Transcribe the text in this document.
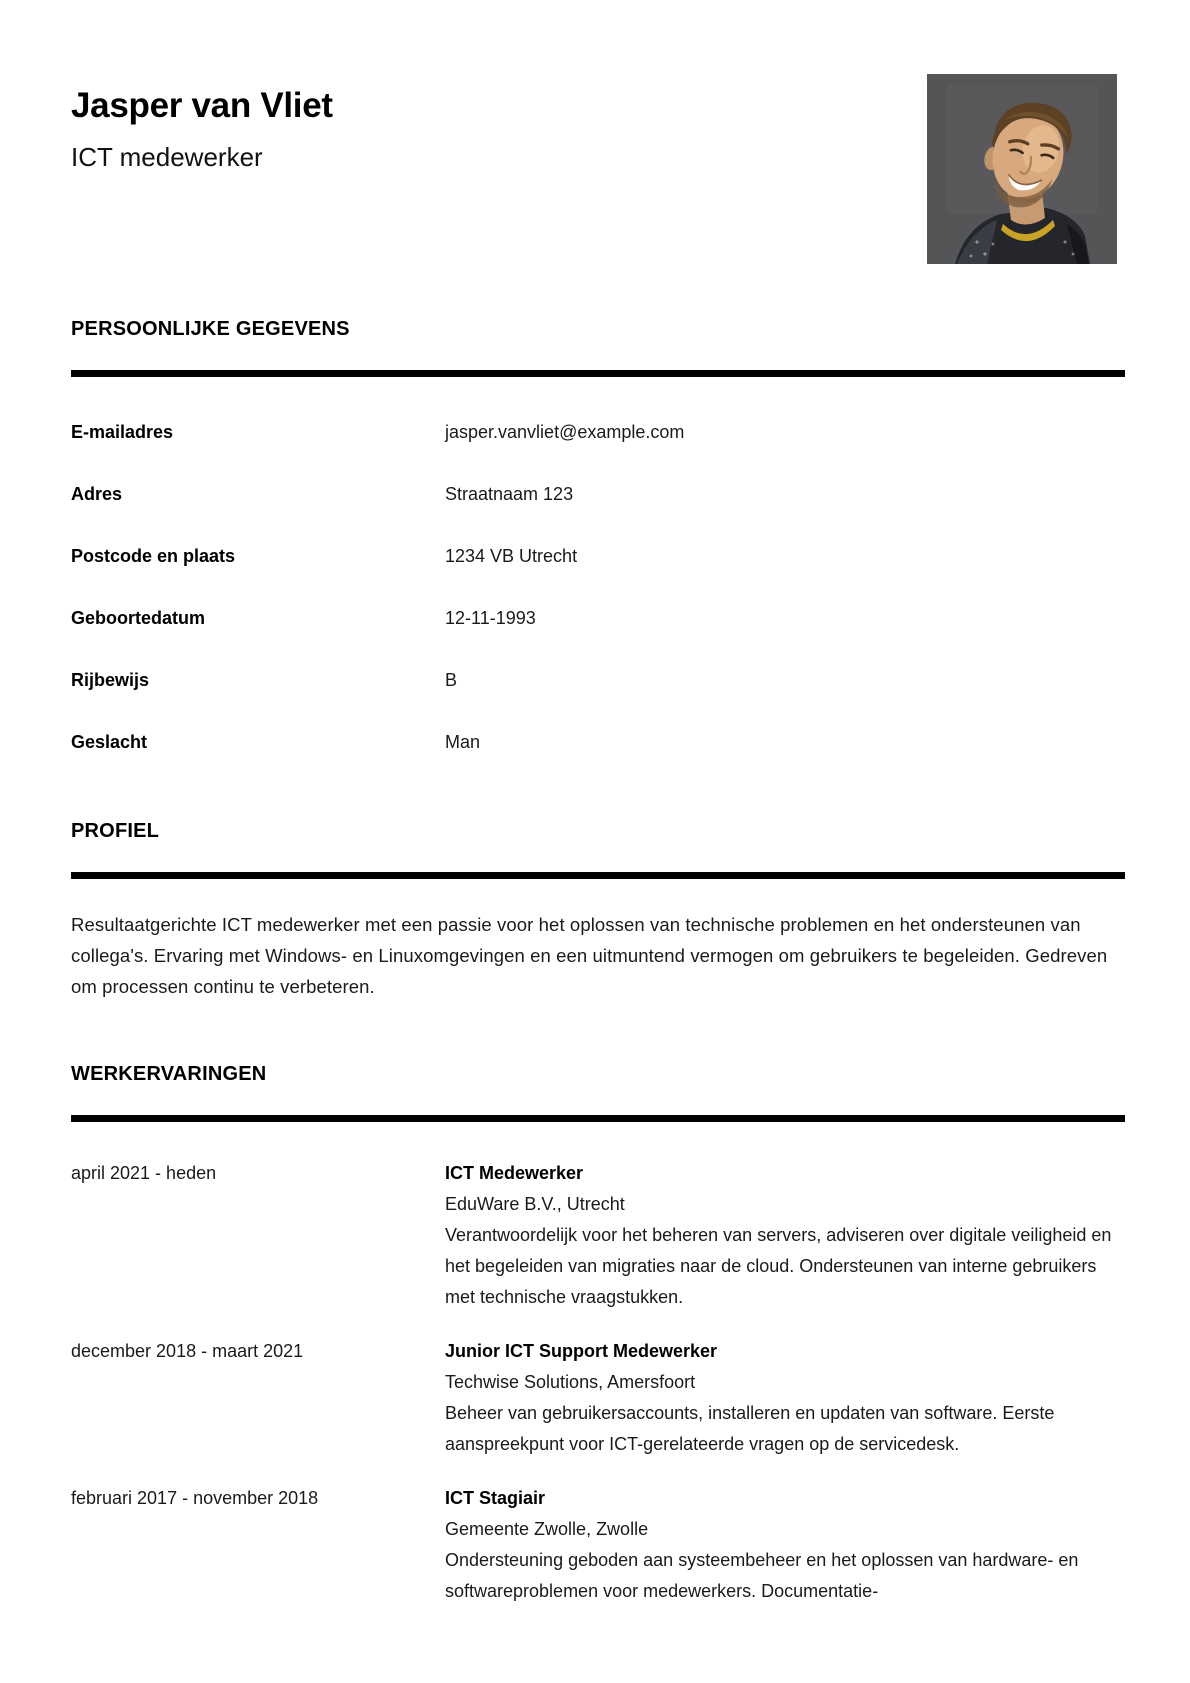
Jasper van Vliet
ICT medewerker
PERSOONLIJKE GEGEVENS
E-mailadres	jasper.vanvliet@example.com
Adres	Straatnaam 123
Postcode en plaats	1234 VB Utrecht
Geboortedatum	12-11-1993
Rijbewijs	B
Geslacht	Man
PROFIEL

Resultaatgerichte ICT medewerker met een passie voor het oplossen van technische problemen en het ondersteunen van collega's. Ervaring met Windows- en Linuxomgevingen en een uitmuntend vermogen om gebruikers te begeleiden. Gedreven om processen continu te verbeteren.

WERKERVARINGEN
april 2021 - heden	ICT Medewerker
EduWare B.V., Utrecht
Verantwoordelijk voor het beheren van servers, adviseren over digitale veiligheid en het begeleiden van migraties naar de cloud. Ondersteunen van interne gebruikers met technische vraagstukken.
december 2018 - maart 2021	Junior ICT Support Medewerker
Techwise Solutions, Amersfoort
Beheer van gebruikersaccounts, installeren en updaten van software. Eerste aanspreekpunt voor ICT-gerelateerde vragen op de servicedesk.
februari 2017 - november 2018	ICT Stagiair
Gemeente Zwolle, Zwolle
Ondersteuning geboden aan systeembeheer en het oplossen van hardware- en softwareproblemen voor medewerkers. Documentatie-
